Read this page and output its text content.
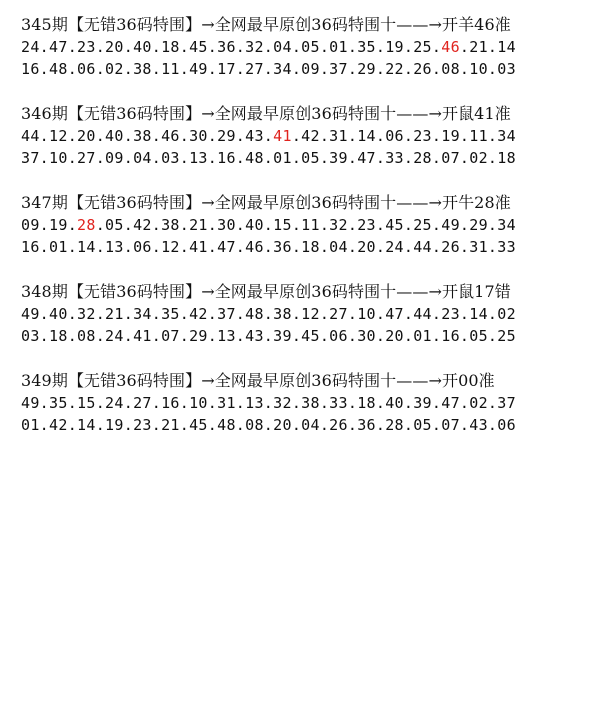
345期【无错36码特围】→全网最早原创36码特围十——→开羊46准
24.47.23.20.40.18.45.36.32.04.05.01.35.19.25.46.21.14
16.48.06.02.38.11.49.17.27.34.09.37.29.22.26.08.10.03
346期【无错36码特围】→全网最早原创36码特围十——→开鼠41准
44.12.20.40.38.46.30.29.43.41.42.31.14.06.23.19.11.34
37.10.27.09.04.03.13.16.48.01.05.39.47.33.28.07.02.18
347期【无错36码特围】→全网最早原创36码特围十——→开牛28准
09.19.28.05.42.38.21.30.40.15.11.32.23.45.25.49.29.34
16.01.14.13.06.12.41.47.46.36.18.04.20.24.44.26.31.33
348期【无错36码特围】→全网最早原创36码特围十——→开鼠17错
49.40.32.21.34.35.42.37.48.38.12.27.10.47.44.23.14.02
03.18.08.24.41.07.29.13.43.39.45.06.30.20.01.16.05.25
349期【无错36码特围】→全网最早原创36码特围十——→开00准
49.35.15.24.27.16.10.31.13.32.38.33.18.40.39.47.02.37
01.42.14.19.23.21.45.48.08.20.04.26.36.28.05.07.43.06
